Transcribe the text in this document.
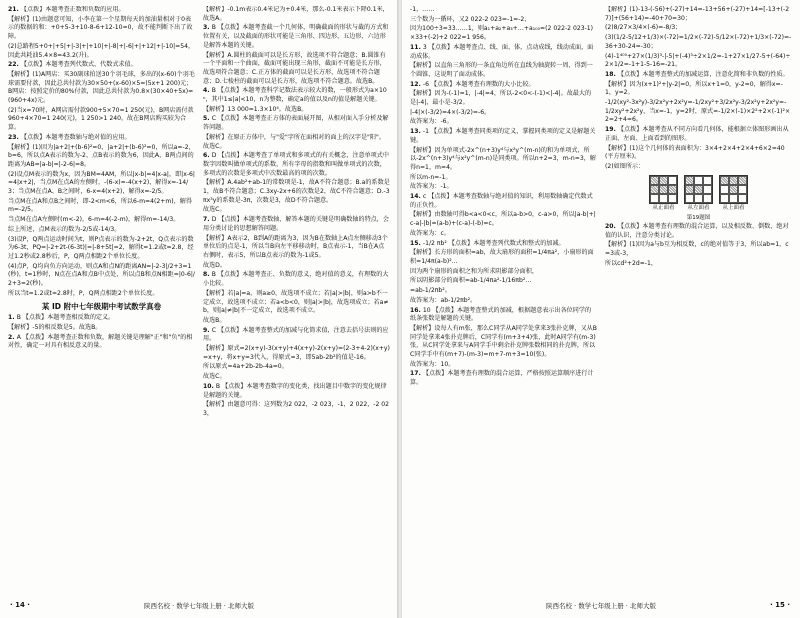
21. 【点拨】本题考查正数和负数的应用。

【解析】(1)由题意可知，小李在第一个星期每天的加油量相对于0表示的数据的和：+0+5-3+10-8-6+12-10=0，故不能判断下出了故障。

(2)总路程5+0+|+5|+|-3|+|+10|+|-8|+|-6|+|+12|+|-10|=54，因此共耗油5.4×8=43.2(升)。

22. 【点拨】本题考查列代数式、代数式求值。

【解析】(1)A网店：买30副球拍送30个羽毛球，多出的(x-60)个羽毛球需要付款，因此总共付款为30×50+(x-60)×5=(5x+1 200)元；B网店：按照定价的80%付款，因此总共付款为0.8×(30×40+5x)=(960+4x)元。

(2)当x=70时，A网店需付款900+5×70=1 250(元)，B网店需付款960+4×70=1 240(元)，1 250>1 240，故在B网店购买较为合算。

23. 【点拨】本题考查数轴与绝对值的应用。

【解析】(1)因为|a+2|+(b-6)²=0，|a+2|+(b-6)²=0，所以a=-2，b=6，所以点A表示的数为-2，点B表示的数为6，因此A，B两点间的距离为AB=|a-b|=|-2-6|=8。

(2)设点M表示的数为x，因为BM=4AM，所以|x-b|=4|x-a|，即|x-6|=4|x+2|，当点M在点A的左侧时，-(6-x)=-4(x+2)，解得x=-14/3；当点M在点A、B之间时，6-x=4(x+2)，解得x=-2/5。

当点M在点A和点B之间时，即-2<m<6，所以6-m=4(2+m)，解得m=-2/5。

当点M在点A左侧时(m<-2)，6-m=4(-2-m)，解得m=-14/3。

综上所述，点M表示的数为-2/5或-14/3。

(3)设P，Q两点运动时间为t，则P点表示的数为-2+2t，Q点表示的数为6-3t，PQ=|-2+2t-(6-3t)|=|-8+5t|=2，解得t=1.2或t=2.8，经过1.2秒或2.8秒后，P，Q两点相距2个单位长度。

(4)点P，Q均向负方向运动，则点A和点N的距离AN=|-2-3|/2+3=1(秒)，t=1秒时，N点在点A和点B中点处，所以点B和点N相距=|0-6|/2+3=2(秒)。

所以当t=1.2或t=2.8时，P，Q两点相距2个单位长度。

某 ID 附中七年级期中考试数学真卷

1. B 【点拨】本题考查相反数的定义。

【解析】-5的相反数是5。故选B。

2. A 【点拨】本题考查正数和负数，解题关键是理解"正"和"负"的相对性，确定一对具有相反意义的量。

【解析】-0.1m表示0.4米记为+0.4米，那么-0.1米表示下降0.1米，故选A。

3. B 【点拨】本题考查截一个几何体，明确截面的形状与截的方式和位置有关，以及截面的形状可能是三角形、四边形、五边形、六边形是解答本题的关键。

【解析】A.圆柱的截面可以是长方形，故选项不符合题意；B.圆锥有一个平面和一个曲面，截面可能出现三角形，截面不可能是长方形，故选项符合题意；C.正方体的截面可以是长方形，故选项不符合题意；D.七棱柱的截面可以是长方形，故选项不符合题意。故选B。

4. B 【点拨】本题考查科学记数法表示较大的数，一般形式为a×10ⁿ，其中1≤|a|<10，n为整数，确定a的值以及n的值是解题关键。

【解析】13 000=1.3×10⁴。故选B。

5. C 【点拨】本题考查正方体的表面展开图，从相对面入手分析及解答问题。

【解析】在原正方体中，与"爱"字所在面相对的面上的汉字是"阳"。故选C。

6. D 【点拨】本题考查了单项式和多项式的有关概念，注意单项式中数字因数叫做单项式的系数，所有字母的指数和叫做单项式的次数，多项式的次数是多项式中次数最高的项的次数。

【解析】A.4ab²+ab-1的常数项是-1，故A不符合题意；B.a的系数是1，故B不符合题意；C.3xy-2x+6的次数是2，故C不符合题意；D.-3πx³y的系数是-3π，次数是3，故D不符合题意。

故选C。

7. D 【点拨】本题考查数轴，解答本题的关键是明确数轴的特点，会用分类讨论的思想解答问题。

【解析】A表示2，B到A的距离为3，因为B在数轴上A点左侧移动3个单位后的点是-1，所以当B向左平移移动时，B点表示-1，当B在A点右侧时，表示5，所以B点表示的数为-1或5。

故选D。

8. B 【点拨】本题考查正、负数的意义，绝对值的意义，有理数的大小比较。

【解析】若|a|=a，则a≥0，故选项不成立；若|a|>|b|，则a>b不一定成立，故选项不成立；若a<b<0，则|a|>|b|，故选项成立；若a≠b，则|a|≠|b|不一定成立，故选项不成立。

故选B。

9. C 【点拨】本题考查整式的加减与化简求值，注意去括号法则的应用。

【解析】原式=2(x+y)-3(x+y)+4(x+y)-2(x+y)=(2-3+4-2)(x+y)=x+y，将x+y=3代入，得原式=3，即5ab-2b²的值是-16。

所以原式=4a+2b-2b-4a=0。

故选C。

10. B 【点拨】本题考查数字的变化类，找出题目中数字的变化规律是解题的关键。

【解析】由题意可得：这列数为2 022，-2 023，-1，2 022，-2 023，

· 14 ·	陕西名校 · 数学七年级上册 · 北师大版

-1，……

三个数为一循环，又2 022-2 023=-1=-2，

因为100÷3=33……1，则a₁+a₂+a₃+…+a₁₀₀=(2 022-2 023-1)×33+(-2)+2 022=1 956。

11. 3 【点拨】本题考查点、线、面、体，点动成线，线动成面，面动成体。

【解析】以直角三角形的一条直角边所在直线为轴旋转一周，得到一个圆锥，这说明了面动成体。

12. -6 【点拨】本题考查有理数的大小比较。

【解析】因为-(-1)=1，|-4|=4，所以-2<0<-(-1)<|-4|。故最大的是|-4|，最小是-3/2。

|-4|×(-3/2)=4×(-3/2)=-6。

故答案为：-6。

13. -1 【点拨】本题考查同类项的定义，掌握同类项的定义是解题关键。

【解析】因为单项式-2x^(n+3)y⁴与x²y^(m-n)的和为单项式，所以-2x^(n+3)y⁴与x²y^(m-n)是同类项。所以n+2=3，m-n=3，解得n=1，m=4。

所以m-n=-1。

故答案为：-1。

14. c 【点拨】本题考查数轴与绝对值的知识，利用数轴确定代数式的正负性。

【解析】由数轴可得b<a<0<c，所以a-b>0，c-a>0，所以|a-b|+|c-a|-|b|=(a-b)+(c-a)-(-b)=c。

故答案为：c。

15. -1/2 πb² 【点拨】本题考查列代数式和整式的加减。

【解析】长方形的面积=ab，故大扇形的面积=1/4πa²，小扇形的面积=1/4π(a-b)²…

因为两个扇形的面积之和为所求阴影部分面积，

所以阴影部分的面积=ab-1/4πa²-1/16πb²…

=ab-1/2πb²。

故答案为：ab-1/2πb²。

16. 10 【点拨】本题考查整式的加减，根据题意表示出各位同学的纸条张数是解题的关键。

【解析】设每人有m张，那么C同学从A同学处拿来3张扑克牌，又从B同学处拿来4张扑克牌后，C同学有(m+3+4)张，此时A同学有(m-3)张，从C同学处拿来与A同学手中剩余扑克牌张数相同的扑克牌，所以C同学手中有(m+7)-(m-3)=m+7-m+3=10(张)。

故答案为：10。

17. 【点拨】本题考查有理数的混合运算，严格按照运算顺序进行计算。

【解析】(1)-13-(-56)+(-27)+14=-13+56+(-27)+14=[-13+(-27)]+(56+14)=-40+70=30；

(2)8/27×3/4×(-6)=-8/3；

(3)(1/2-5/12+1/3)×(-72)=1/2×(-72)-5/12×(-72)+1/3×(-72)=-36+30-24=-30；

(4)-1⁴⁰⁰+27×(1/3)³-|-5|+(-4)³÷2×1/2=-1+27×1/27-5+(-64)÷2×1/2=-1+1-5-16=-21。

18. 【点拨】本题考查整式的加减运算，注意化简和非负数的性质。

【解析】因为(x+1)²+|y-2|=0，所以x+1=0，y-2=0，解得x=-1，y=2。

-1/2(xy²-3x²y)-3/2x²y+2x²y=-1/2xy²+3/2x²y-3/2x²y+2x²y=-1/2xy²+2x²y，当x=-1，y=2时，原式=-1/2×(-1)×2²+2×(-1)²×2=2+4=6。

19. 【点拨】本题考查从不同方向看几何体，能根据立体图形画出从正面、左面、上面看到的图形。

【解析】(1)这个几何体的表面积为：3×4+2×4+2×4+6×2=40(平方厘米)。

(2)如图所示：

从正面看	从左面看	从上面看
第19题图

20. 【点拨】本题考查有理数的混合运算，以及相反数、倒数、绝对值的认识，注意分类讨论。

【解析】(1)因为a与b互为相反数，c的绝对值等于3，所以ab=1，c=3或-3，

所以cd²+2d=-1，

陕西名校 · 数学七年级上册 · 北师大版	· 15 ·
